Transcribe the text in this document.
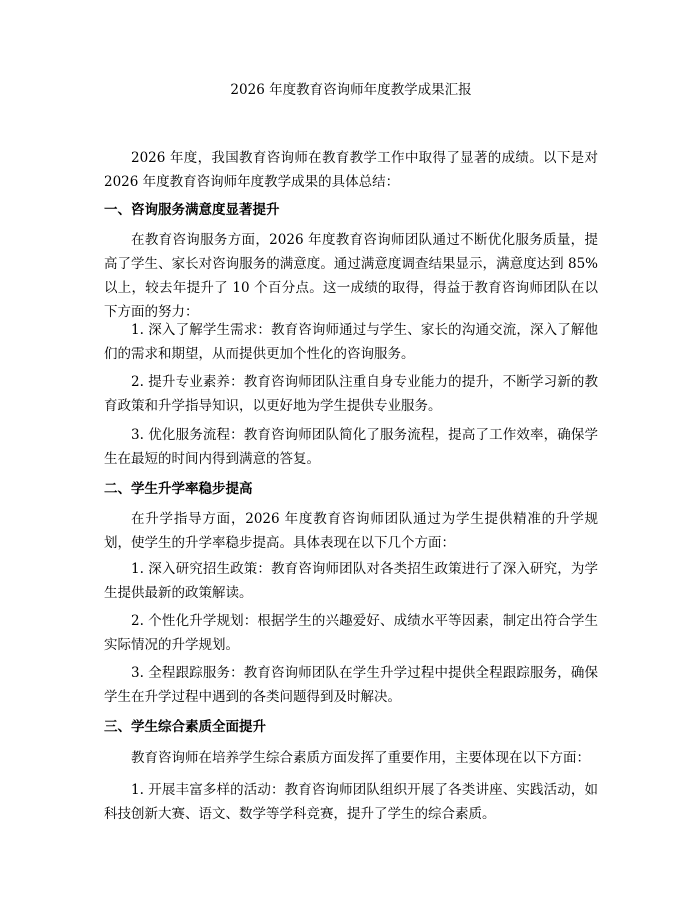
2026 年度教育咨询师年度教学成果汇报

2026 年度，我国教育咨询师在教育教学工作中取得了显著的成绩。以下是对 2026 年度教育咨询师年度教学成果的具体总结：

一、咨询服务满意度显著提升

在教育咨询服务方面，2026 年度教育咨询师团队通过不断优化服务质量，提高了学生、家长对咨询服务的满意度。通过满意度调查结果显示，满意度达到 85%以上，较去年提升了 10 个百分点。这一成绩的取得，得益于教育咨询师团队在以下方面的努力：

1. 深入了解学生需求：教育咨询师通过与学生、家长的沟通交流，深入了解他们的需求和期望，从而提供更加个性化的咨询服务。

2. 提升专业素养：教育咨询师团队注重自身专业能力的提升，不断学习新的教育政策和升学指导知识，以更好地为学生提供专业服务。

3. 优化服务流程：教育咨询师团队简化了服务流程，提高了工作效率，确保学生在最短的时间内得到满意的答复。

二、学生升学率稳步提高

在升学指导方面，2026 年度教育咨询师团队通过为学生提供精准的升学规划，使学生的升学率稳步提高。具体表现在以下几个方面：

1. 深入研究招生政策：教育咨询师团队对各类招生政策进行了深入研究，为学生提供最新的政策解读。

2. 个性化升学规划：根据学生的兴趣爱好、成绩水平等因素，制定出符合学生实际情况的升学规划。

3. 全程跟踪服务：教育咨询师团队在学生升学过程中提供全程跟踪服务，确保学生在升学过程中遇到的各类问题得到及时解决。

三、学生综合素质全面提升

教育咨询师在培养学生综合素质方面发挥了重要作用，主要体现在以下方面：

1. 开展丰富多样的活动：教育咨询师团队组织开展了各类讲座、实践活动，如科技创新大赛、语文、数学等学科竞赛，提升了学生的综合素质。
